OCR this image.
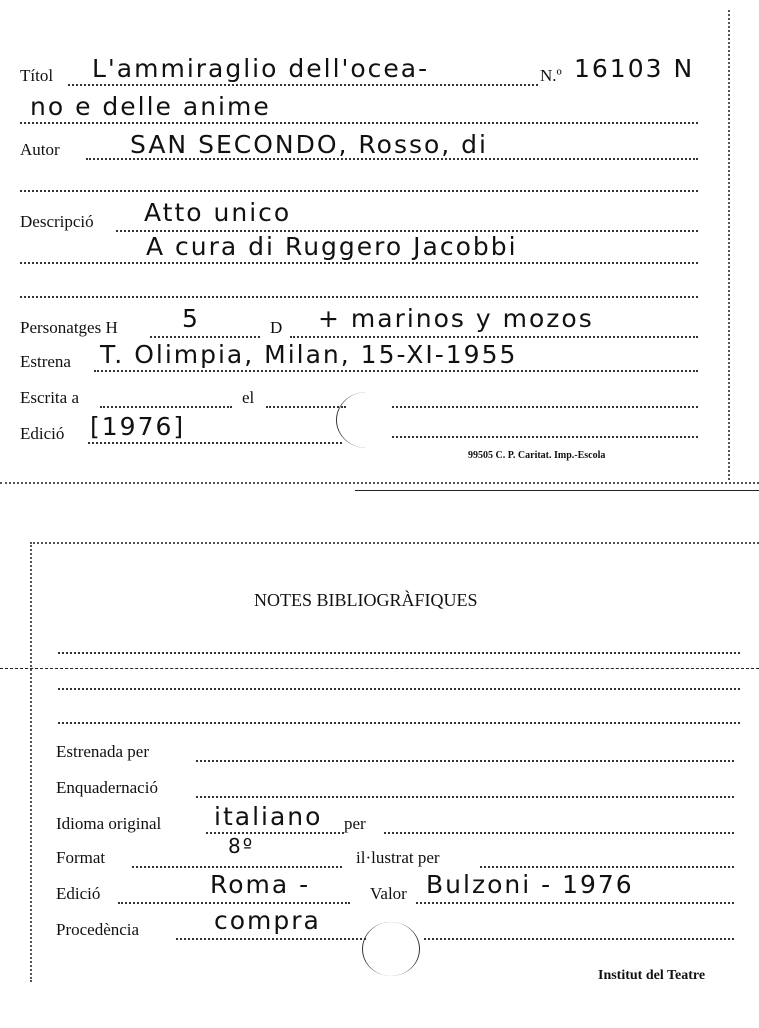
Títol L'ammiraglio dell'ocea-	N.º 16103 N
no e delle anime
Autor	SAN SECONDO, Rosso, di
Descripció Atto unico
A cura di Ruggero Jacobbi
Personatges H	5	D + marinos y mozos
Estrena T. Olimpia, Milan, 15-XI-1955
Escrita a	el
Edició [1976]
99505 C. P. Caritat. Imp.-Escola
NOTES BIBLIOGRÀFIQUES
Estrenada per
Enquadernació
Idioma original italiano per
Format	8º	il·lustrat per
Edició	Roma -	Valor Bulzoni - 1976
Procedència	compra
Institut del Teatre
